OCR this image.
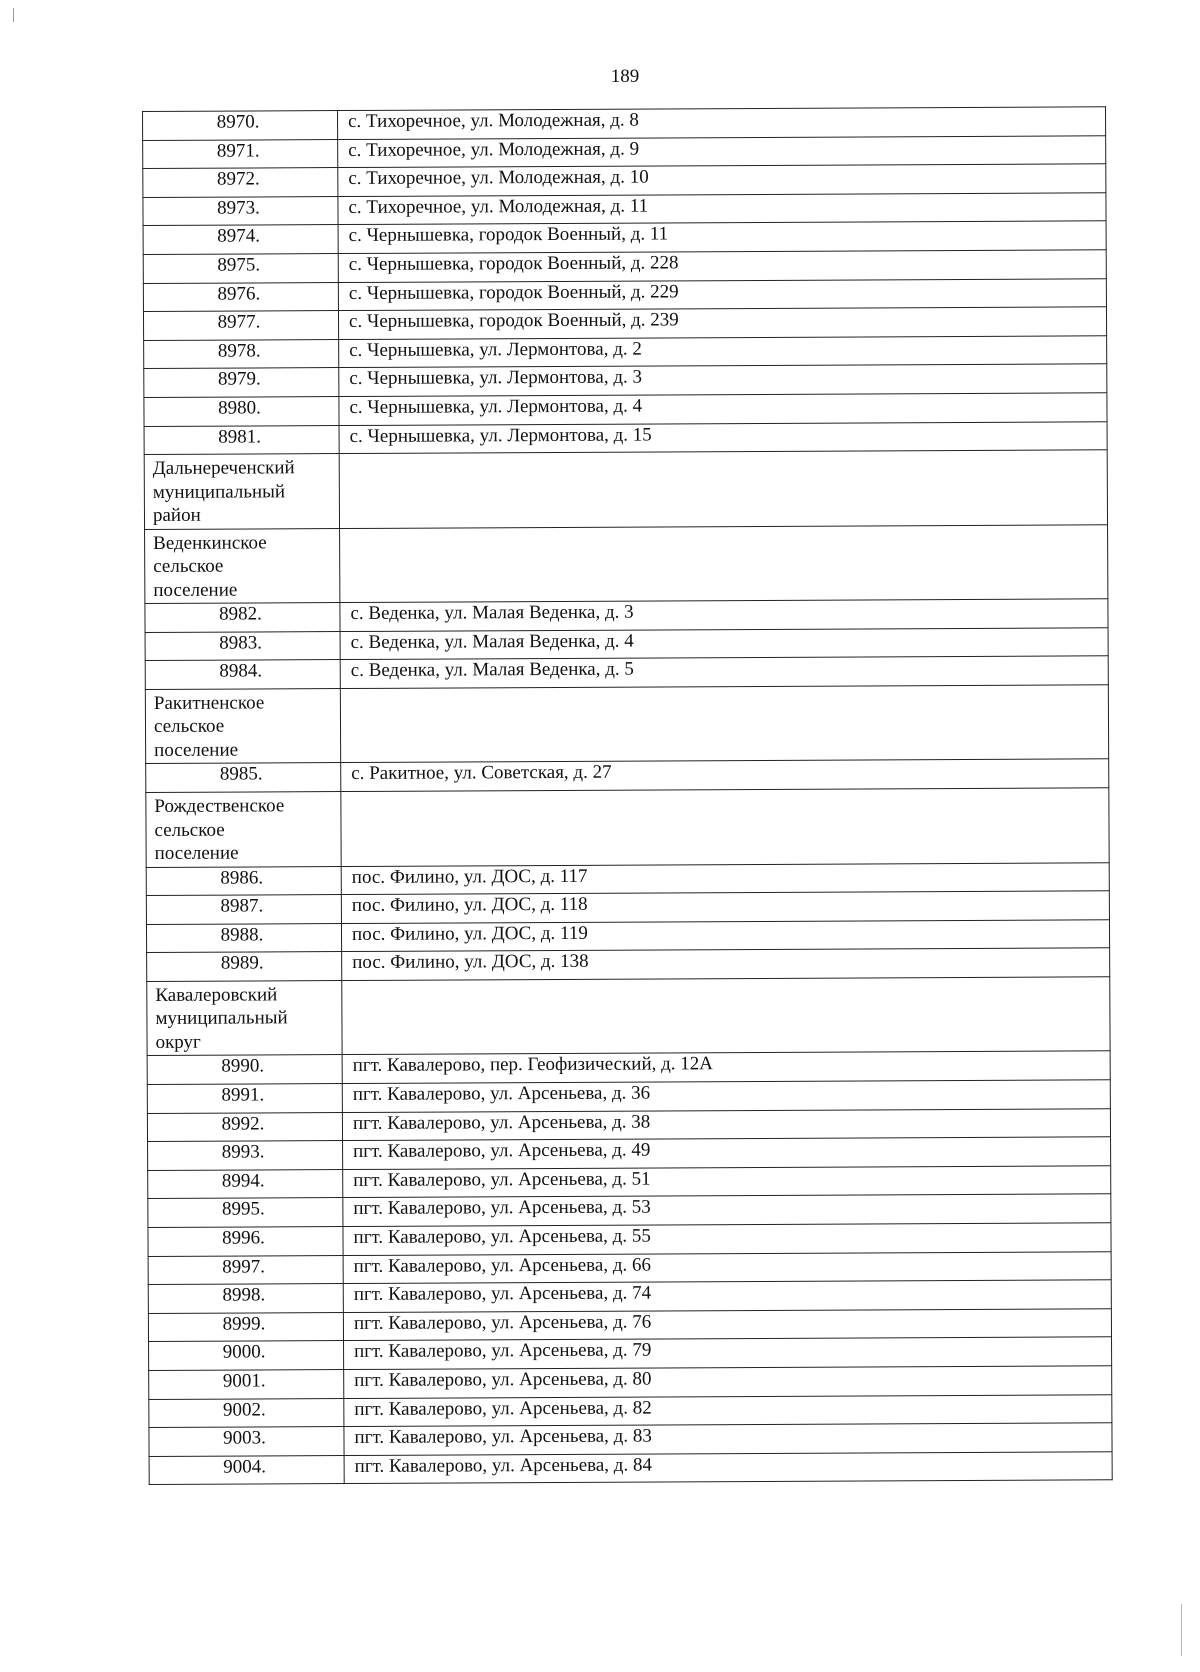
189
8970.	с. Тихоречное, ул. Молодежная, д. 8
8971.	с. Тихоречное, ул. Молодежная, д. 9
8972.	с. Тихоречное, ул. Молодежная, д. 10
8973.	с. Тихоречное, ул. Молодежная, д. 11
8974.	с. Чернышевка, городок Военный, д. 11
8975.	с. Чернышевка, городок Военный, д. 228
8976.	с. Чернышевка, городок Военный, д. 229
8977.	с. Чернышевка, городок Военный, д. 239
8978.	с. Чернышевка, ул. Лермонтова, д. 2
8979.	с. Чернышевка, ул. Лермонтова, д. 3
8980.	с. Чернышевка, ул. Лермонтова, д. 4
8981.	с. Чернышевка, ул. Лермонтова, д. 15

Дальнереченский
муниципальный
район	

Веденкинское
сельское
поселение	

8982.	с. Веденка, ул. Малая Веденка, д. 3
8983.	с. Веденка, ул. Малая Веденка, д. 4
8984.	с. Веденка, ул. Малая Веденка, д. 5

Ракитненское
сельское
поселение	

8985.	с. Ракитное, ул. Советская, д. 27

Рождественское
сельское
поселение	

8986.	пос. Филино, ул. ДОС, д. 117
8987.	пос. Филино, ул. ДОС, д. 118
8988.	пос. Филино, ул. ДОС, д. 119
8989.	пос. Филино, ул. ДОС, д. 138

Кавалеровский
муниципальный
округ	

8990.	пгт. Кавалерово, пер. Геофизический, д. 12А
8991.	пгт. Кавалерово, ул. Арсеньева, д. 36
8992.	пгт. Кавалерово, ул. Арсеньева, д. 38
8993.	пгт. Кавалерово, ул. Арсеньева, д. 49
8994.	пгт. Кавалерово, ул. Арсеньева, д. 51
8995.	пгт. Кавалерово, ул. Арсеньева, д. 53
8996.	пгт. Кавалерово, ул. Арсеньева, д. 55
8997.	пгт. Кавалерово, ул. Арсеньева, д. 66
8998.	пгт. Кавалерово, ул. Арсеньева, д. 74
8999.	пгт. Кавалерово, ул. Арсеньева, д. 76
9000.	пгт. Кавалерово, ул. Арсеньева, д. 79
9001.	пгт. Кавалерово, ул. Арсеньева, д. 80
9002.	пгт. Кавалерово, ул. Арсеньева, д. 82
9003.	пгт. Кавалерово, ул. Арсеньева, д. 83
9004.	пгт. Кавалерово, ул. Арсеньева, д. 84
